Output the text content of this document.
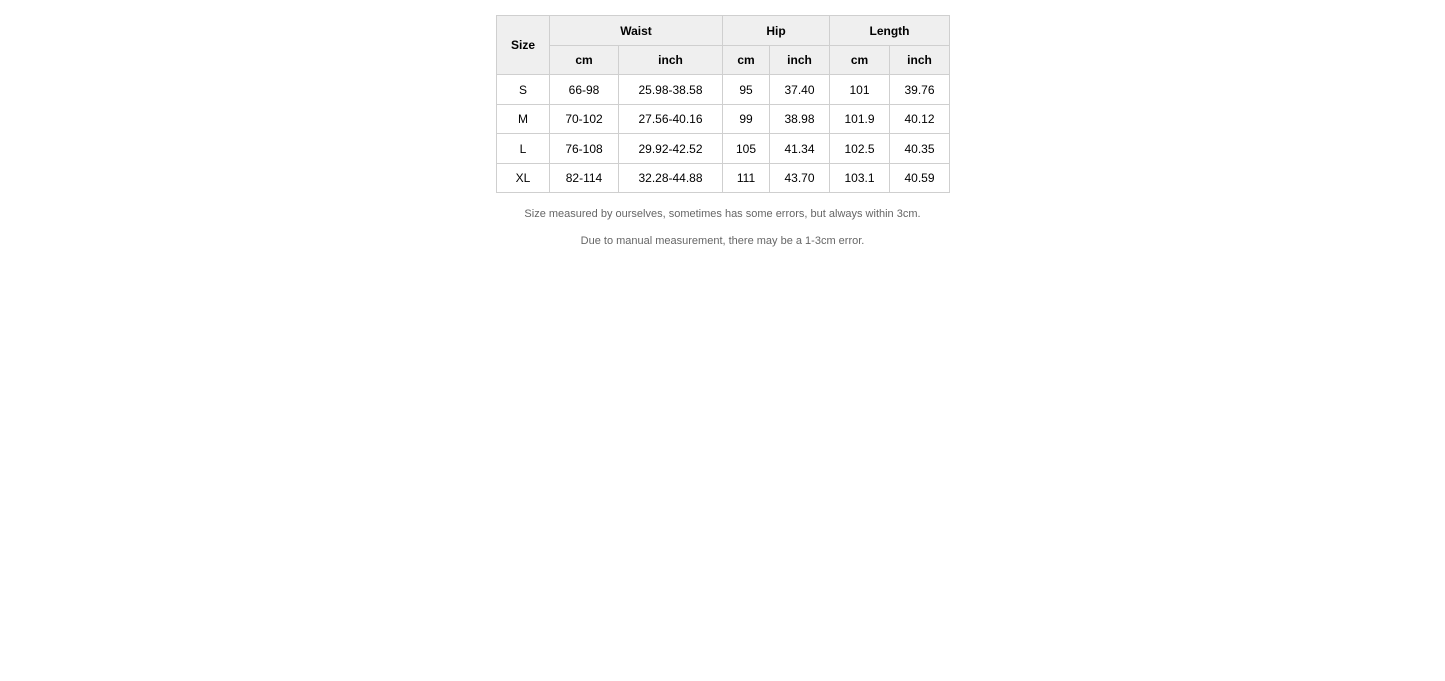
Size	Waist		Hip		Length	
	cm	inch	cm	inch	cm	inch
S	66-98	25.98-38.58	95	37.40	101	39.76
M	70-102	27.56-40.16	99	38.98	101.9	40.12
L	76-108	29.92-42.52	105	41.34	102.5	40.35
XL	82-114	32.28-44.88	111	43.70	103.1	40.59

Size measured by ourselves, sometimes has some errors, but always within 3cm.

Due to manual measurement, there may be a 1-3cm error.
